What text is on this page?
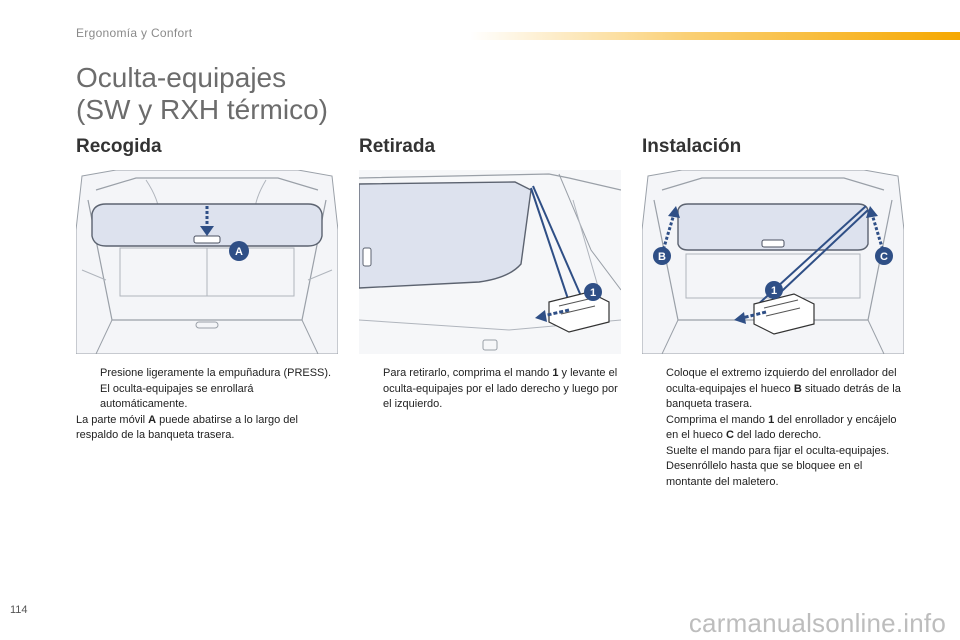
Ergonomía y Confort
Oculta-equipajes
(SW y RXH térmico)
Recogida
A

Presione ligeramente la empuñadura (PRESS). El oculta-equipajes se enrollará automáticamente.

La parte móvil A puede abatirse a lo largo del respaldo de la banqueta trasera.

Retirada
1

Para retirarlo, comprima el mando 1 y levante el oculta-equipajes por el lado derecho y luego por el izquierdo.

Instalación
B	C
1

Coloque el extremo izquierdo del enrollador del oculta-equipajes el hueco B situado detrás de la banqueta trasera.

Comprima el mando 1 del enrollador y encájelo en el hueco C del lado derecho.

Suelte el mando para fijar el oculta-equipajes.

Desenróllelo hasta que se bloquee en el montante del maletero.

114	carmanualsonline.info
